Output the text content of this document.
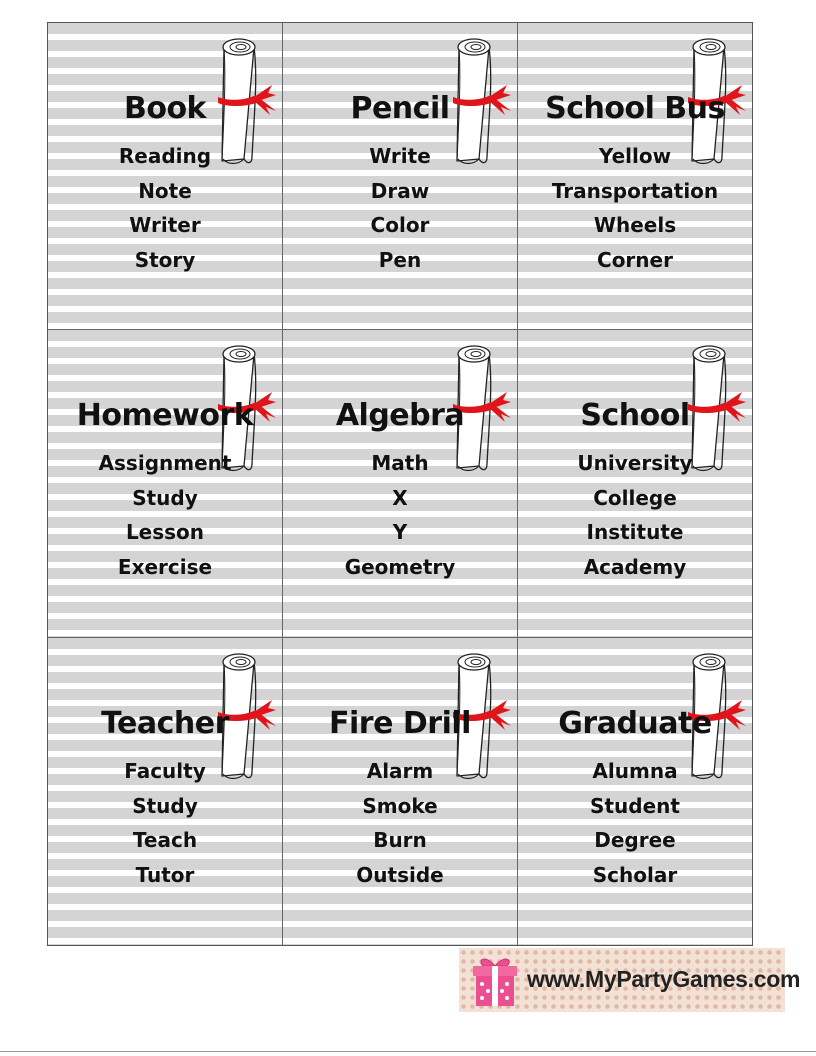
Book
Reading
Note
Writer
Story
Pencil
Write
Draw
Color
Pen
School Bus
Yellow
Transportation
Wheels
Corner
Homework
Assignment
Study
Lesson
Exercise
Algebra
Math
X
Y
Geometry
School
University
College
Institute
Academy
Teacher
Faculty
Study
Teach
Tutor
Fire Drill
Alarm
Smoke
Burn
Outside
Graduate
Alumna
Student
Degree
Scholar
www.MyPartyGames.com
